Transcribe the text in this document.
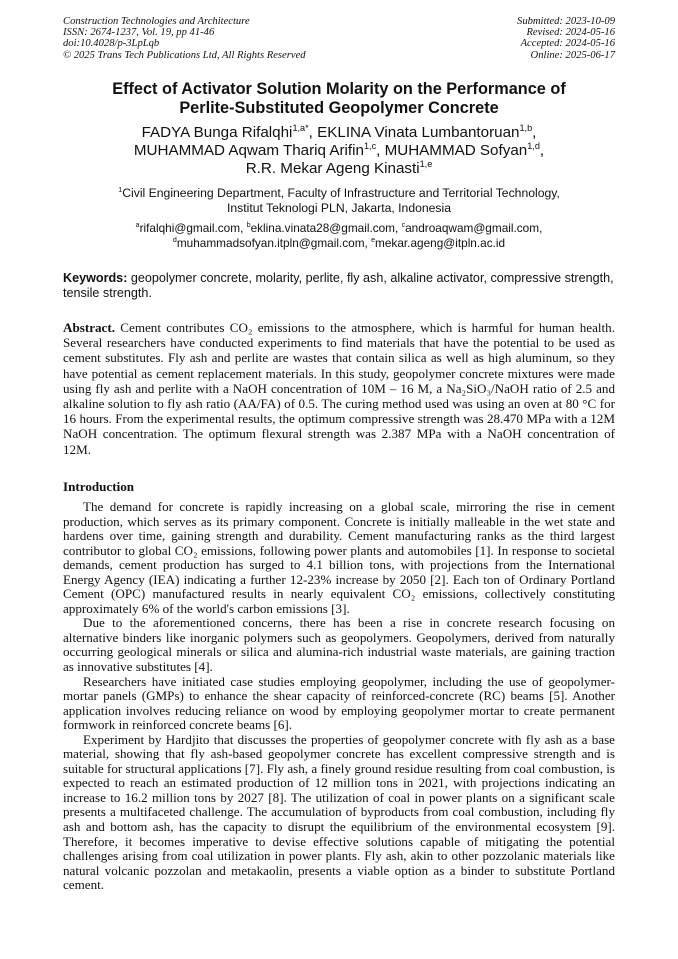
Construction Technologies and Architecture
ISSN: 2674-1237, Vol. 19, pp 41-46
doi:10.4028/p-3LpLqb
© 2025 Trans Tech Publications Ltd, All Rights Reserved
Submitted: 2023-10-09
Revised: 2024-05-16
Accepted: 2024-05-16
Online: 2025-06-17
Effect of Activator Solution Molarity on the Performance of
Perlite-Substituted Geopolymer Concrete
FADYA Bunga Rifalqhi$^{1,a*}$, EKLINA Vinata Lumbantoruan$^{1,b}$,
MUHAMMAD Aqwam Thariq Arifin$^{1,c}$, MUHAMMAD Sofyan$^{1,d}$,
R.R. Mekar Ageng Kinasti$^{1,e}$
$^1$Civil Engineering Department, Faculty of Infrastructure and Territorial Technology,
Institut Teknologi PLN, Jakarta, Indonesia
$^a$rifalqhi@gmail.com, $^b$eklina.vinata28@gmail.com, $^c$androaqwam@gmail.com,
$^d$muhammadsofyan.itpln@gmail.com, $^e$mekar.ageng@itpln.ac.id
Keywords: geopolymer concrete, molarity, perlite, fly ash, alkaline activator, compressive strength, tensile strength.

Abstract. Cement contributes CO₂ emissions to the atmosphere, which is harmful for human health. Several researchers have conducted experiments to find materials that have the potential to be used as cement substitutes. Fly ash and perlite are wastes that contain silica as well as high aluminum, so they have potential as cement replacement materials. In this study, geopolymer concrete mixtures were made using fly ash and perlite with a NaOH concentration of 10M – 16 M, a Na₂SiO₃/NaOH ratio of 2.5 and alkaline solution to fly ash ratio (AA/FA) of 0.5. The curing method used was using an oven at 80 °C for 16 hours. From the experimental results, the optimum compressive strength was 28.470 MPa with a 12M NaOH concentration. The optimum flexural strength was 2.387 MPa with a NaOH concentration of 12M.

Introduction

The demand for concrete is rapidly increasing on a global scale, mirroring the rise in cement production, which serves as its primary component. Concrete is initially malleable in the wet state and hardens over time, gaining strength and durability. Cement manufacturing ranks as the third largest contributor to global CO₂ emissions, following power plants and automobiles [1]. In response to societal demands, cement production has surged to 4.1 billion tons, with projections from the International Energy Agency (IEA) indicating a further 12-23% increase by 2050 [2]. Each ton of Ordinary Portland Cement (OPC) manufactured results in nearly equivalent CO₂ emissions, collectively constituting approximately 6% of the world's carbon emissions [3].

Due to the aforementioned concerns, there has been a rise in concrete research focusing on alternative binders like inorganic polymers such as geopolymers. Geopolymers, derived from naturally occurring geological minerals or silica and alumina-rich industrial waste materials, are gaining traction as innovative substitutes [4].

Researchers have initiated case studies employing geopolymer, including the use of geopolymer-mortar panels (GMPs) to enhance the shear capacity of reinforced-concrete (RC) beams [5]. Another application involves reducing reliance on wood by employing geopolymer mortar to create permanent formwork in reinforced concrete beams [6].

Experiment by Hardjito that discusses the properties of geopolymer concrete with fly ash as a base material, showing that fly ash-based geopolymer concrete has excellent compressive strength and is suitable for structural applications [7]. Fly ash, a finely ground residue resulting from coal combustion, is expected to reach an estimated production of 12 million tons in 2021, with projections indicating an increase to 16.2 million tons by 2027 [8]. The utilization of coal in power plants on a significant scale presents a multifaceted challenge. The accumulation of byproducts from coal combustion, including fly ash and bottom ash, has the capacity to disrupt the equilibrium of the environmental ecosystem [9]. Therefore, it becomes imperative to devise effective solutions capable of mitigating the potential challenges arising from coal utilization in power plants. Fly ash, akin to other pozzolanic materials like natural volcanic pozzolan and metakaolin, presents a viable option as a binder to substitute Portland cement.
